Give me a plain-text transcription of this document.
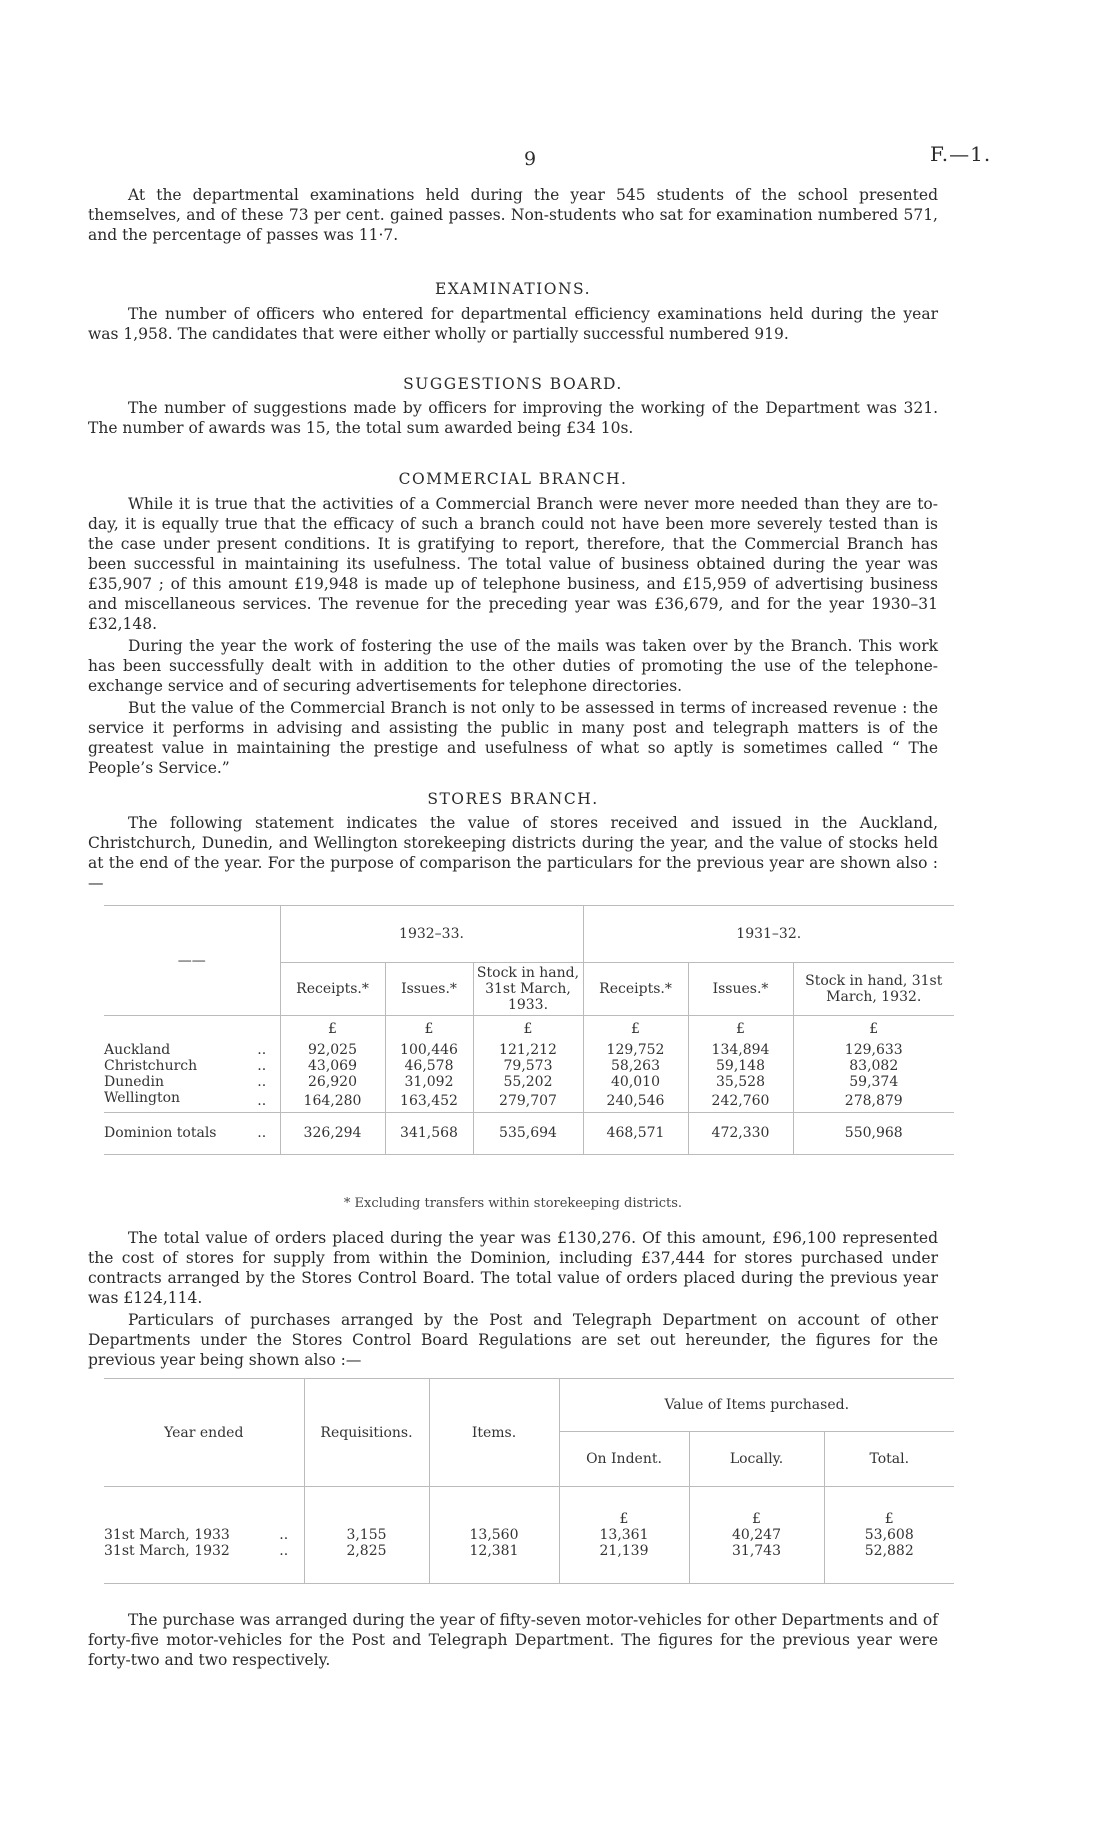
9	F.—1.

At the departmental examinations held during the year 545 students of the school presented themselves, and of these 73 per cent. gained passes. Non-students who sat for examination numbered 571, and the percentage of passes was 11·7.

EXAMINATIONS.

The number of officers who entered for departmental efficiency examinations held during the year was 1,958. The candidates that were either wholly or partially successful numbered 919.

SUGGESTIONS BOARD.

The number of suggestions made by officers for improving the working of the Department was 321. The number of awards was 15, the total sum awarded being £34 10s.

COMMERCIAL BRANCH.

While it is true that the activities of a Commercial Branch were never more needed than they are to-day, it is equally true that the efficacy of such a branch could not have been more severely tested than is the case under present conditions. It is gratifying to report, therefore, that the Commercial Branch has been successful in maintaining its usefulness. The total value of business obtained during the year was £35,907 ; of this amount £19,948 is made up of telephone business, and £15,959 of advertising business and miscellaneous services. The revenue for the preceding year was £36,679, and for the year 1930–31 £32,148.

During the year the work of fostering the use of the mails was taken over by the Branch. This work has been successfully dealt with in addition to the other duties of promoting the use of the telephone-exchange service and of securing advertisements for telephone directories.

But the value of the Commercial Branch is not only to be assessed in terms of increased revenue : the service it performs in advising and assisting the public in many post and telegraph matters is of the greatest value in maintaining the prestige and usefulness of what so aptly is sometimes called “ The People’s Service.”

STORES BRANCH.

The following statement indicates the value of stores received and issued in the Auckland, Christchurch, Dunedin, and Wellington storekeeping districts during the year, and the value of stocks held at the end of the year. For the purpose of comparison the particulars for the previous year are shown also :—

——		1932–33.			1931–32.		
		Receipts.*	Issues.*	Stock in hand, 31st March, 1933.	Receipts.*	Issues.*	Stock in hand, 31st March, 1932.
		£	£	£	£	£	£
Auckland	..	92,025	100,446	121,212	129,752	134,894	129,633
Christchurch	..	43,069	46,578	79,573	58,263	59,148	83,082
Dunedin	..	26,920	31,092	55,202	40,010	35,528	59,374
Wellington	..	164,280	163,452	279,707	240,546	242,760	278,879
Dominion totals	..	326,294	341,568	535,694	468,571	472,330	550,968
* Excluding transfers within storekeeping districts.

The total value of orders placed during the year was £130,276. Of this amount, £96,100 represented the cost of stores for supply from within the Dominion, including £37,444 for stores purchased under contracts arranged by the Stores Control Board. The total value of orders placed during the previous year was £124,114.

Particulars of purchases arranged by the Post and Telegraph Department on account of other Departments under the Stores Control Board Regulations are set out hereunder, the figures for the previous year being shown also :—

Year ended		Requisitions.	Items.	Value of Items purchased.		
				On Indent.	Locally.	Total.
				£	£	£
31st March, 1933	..	3,155	13,560	13,361	40,247	53,608
31st March, 1932	..	2,825	12,381	21,139	31,743	52,882

The purchase was arranged during the year of fifty-seven motor-vehicles for other Departments and of forty-five motor-vehicles for the Post and Telegraph Department. The figures for the previous year were forty-two and two respectively.
